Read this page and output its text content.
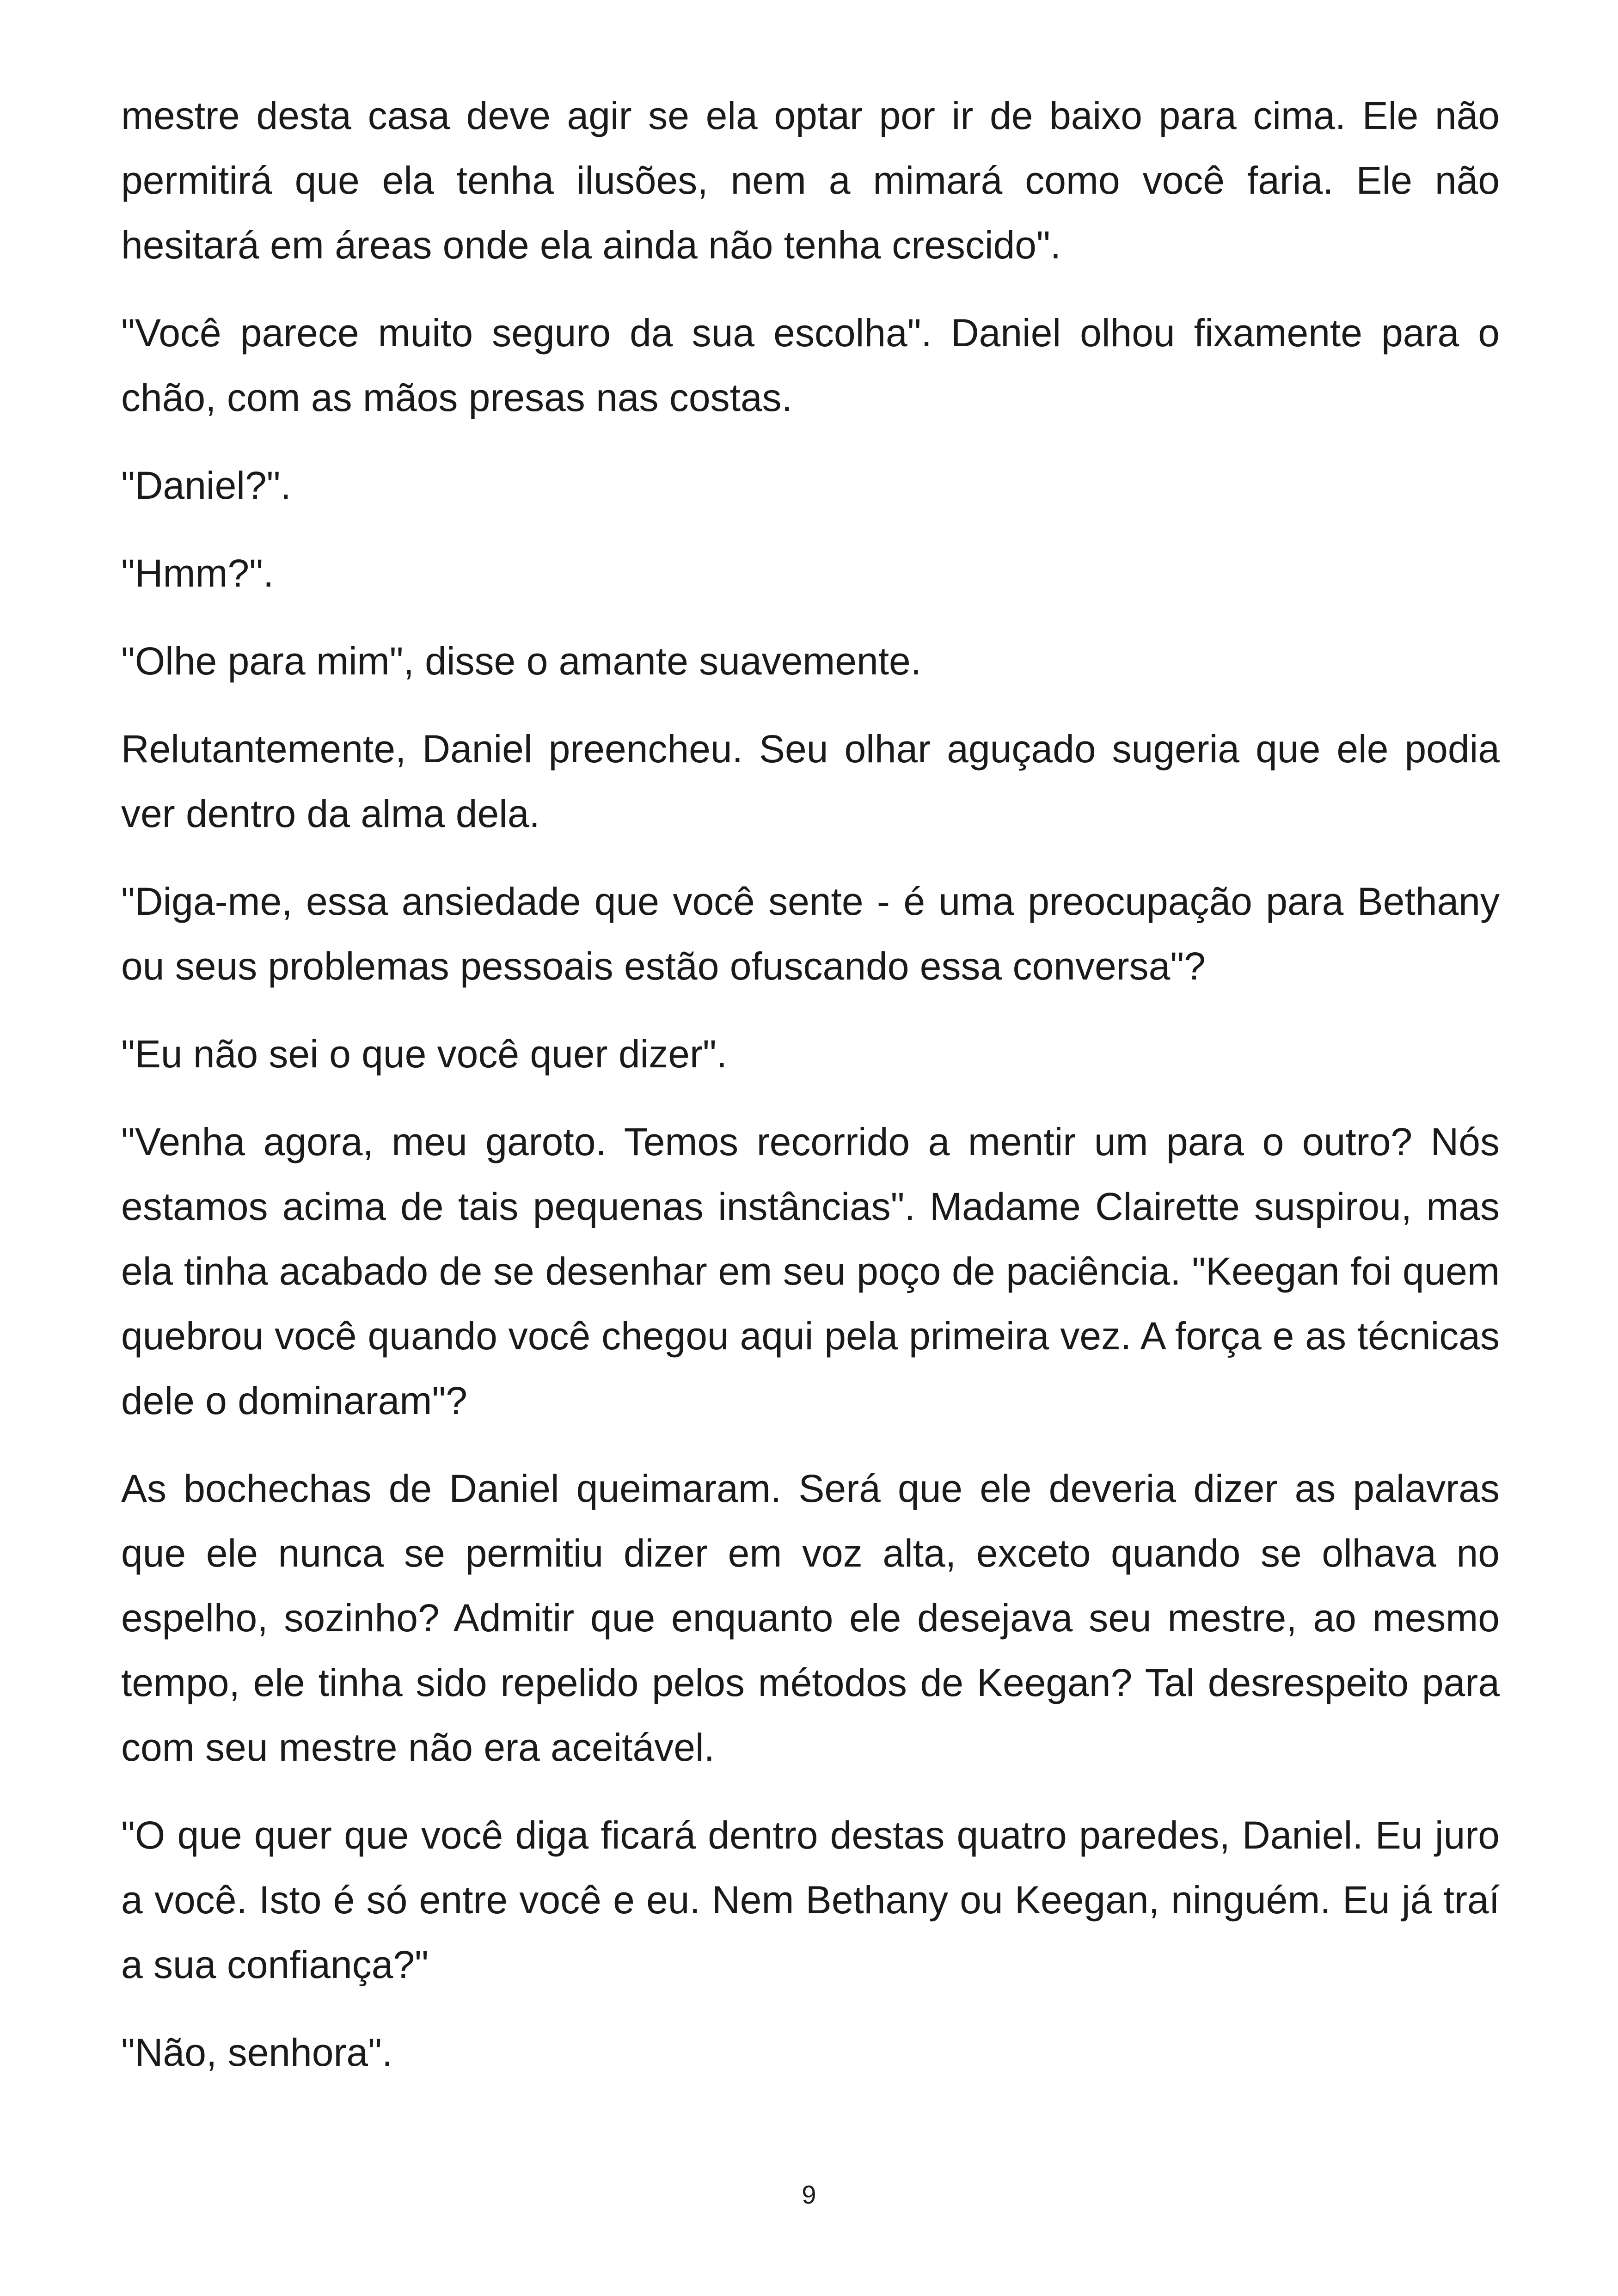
mestre desta casa deve agir se ela optar por ir de baixo para cima. Ele não permitirá que ela tenha ilusões, nem a mimará como você faria. Ele não hesitará em áreas onde ela ainda não tenha crescido".

"Você parece muito seguro da sua escolha". Daniel olhou fixamente para o chão, com as mãos presas nas costas.

"Daniel?".

"Hmm?".

"Olhe para mim", disse o amante suavemente.

Relutantemente, Daniel preencheu. Seu olhar aguçado sugeria que ele podia ver dentro da alma dela.

"Diga-me, essa ansiedade que você sente - é uma preocupação para Bethany ou seus problemas pessoais estão ofuscando essa conversa"?

"Eu não sei o que você quer dizer".

"Venha agora, meu garoto. Temos recorrido a mentir um para o outro? Nós estamos acima de tais pequenas instâncias". Madame Clairette suspirou, mas ela tinha acabado de se desenhar em seu poço de paciência. "Keegan foi quem quebrou você quando você chegou aqui pela primeira vez. A força e as técnicas dele o dominaram"?

As bochechas de Daniel queimaram. Será que ele deveria dizer as palavras que ele nunca se permitiu dizer em voz alta, exceto quando se olhava no espelho, sozinho? Admitir que enquanto ele desejava seu mestre, ao mesmo tempo, ele tinha sido repelido pelos métodos de Keegan? Tal desrespeito para com seu mestre não era aceitável.

"O que quer que você diga ficará dentro destas quatro paredes, Daniel. Eu juro a você. Isto é só entre você e eu. Nem Bethany ou Keegan, ninguém. Eu já traí a sua confiança?"

"Não, senhora".

9
